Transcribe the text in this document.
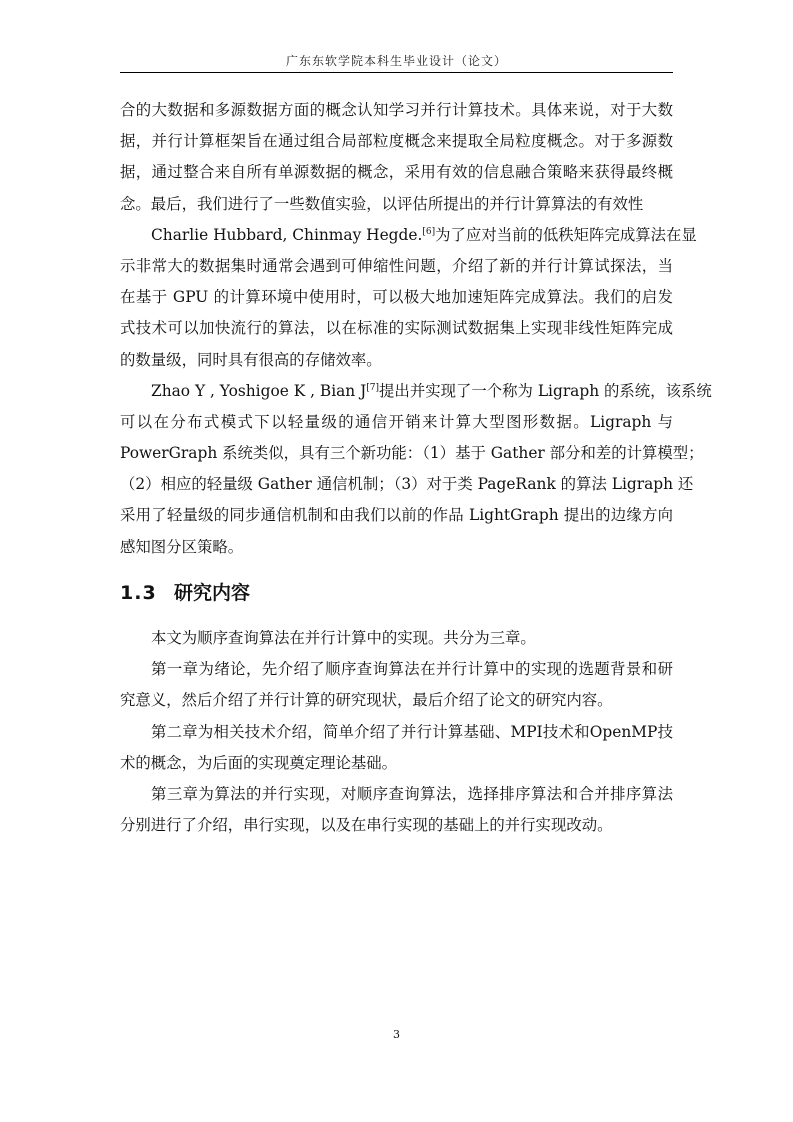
广东东软学院本科生毕业设计（论文）
合的大数据和多源数据方面的概念认知学习并行计算技术。具体来说，对于大数
据，并行计算框架旨在通过组合局部粒度概念来提取全局粒度概念。对于多源数
据，通过整合来自所有单源数据的概念，采用有效的信息融合策略来获得最终概
念。最后，我们进行了一些数值实验，以评估所提出的并行计算算法的有效性
Charlie Hubbard, Chinmay Hegde.[6]为了应对当前的低秩矩阵完成算法在显
示非常大的数据集时通常会遇到可伸缩性问题，介绍了新的并行计算试探法，当
在基于 GPU 的计算环境中使用时，可以极大地加速矩阵完成算法。我们的启发
式技术可以加快流行的算法，以在标准的实际测试数据集上实现非线性矩阵完成
的数量级，同时具有很高的存储效率。
Zhao Y , Yoshigoe K , Bian J[7]提出并实现了一个称为 Ligraph 的系统，该系统
可以在分布式模式下以轻量级的通信开销来计算大型图形数据。Ligraph 与
PowerGraph 系统类似，具有三个新功能：（1）基于 Gather 部分和差的计算模型；
（2）相应的轻量级 Gather 通信机制；（3）对于类 PageRank 的算法 Ligraph 还
采用了轻量级的同步通信机制和由我们以前的作品 LightGraph 提出的边缘方向
感知图分区策略。
1.3 研究内容
本文为顺序查询算法在并行计算中的实现。共分为三章。
第一章为绪论，先介绍了顺序查询算法在并行计算中的实现的选题背景和研
究意义，然后介绍了并行计算的研究现状，最后介绍了论文的研究内容。
第二章为相关技术介绍，简单介绍了并行计算基础、MPI技术和OpenMP技
术的概念，为后面的实现奠定理论基础。
第三章为算法的并行实现，对顺序查询算法，选择排序算法和合并排序算法
分别进行了介绍，串行实现，以及在串行实现的基础上的并行实现改动。
3
